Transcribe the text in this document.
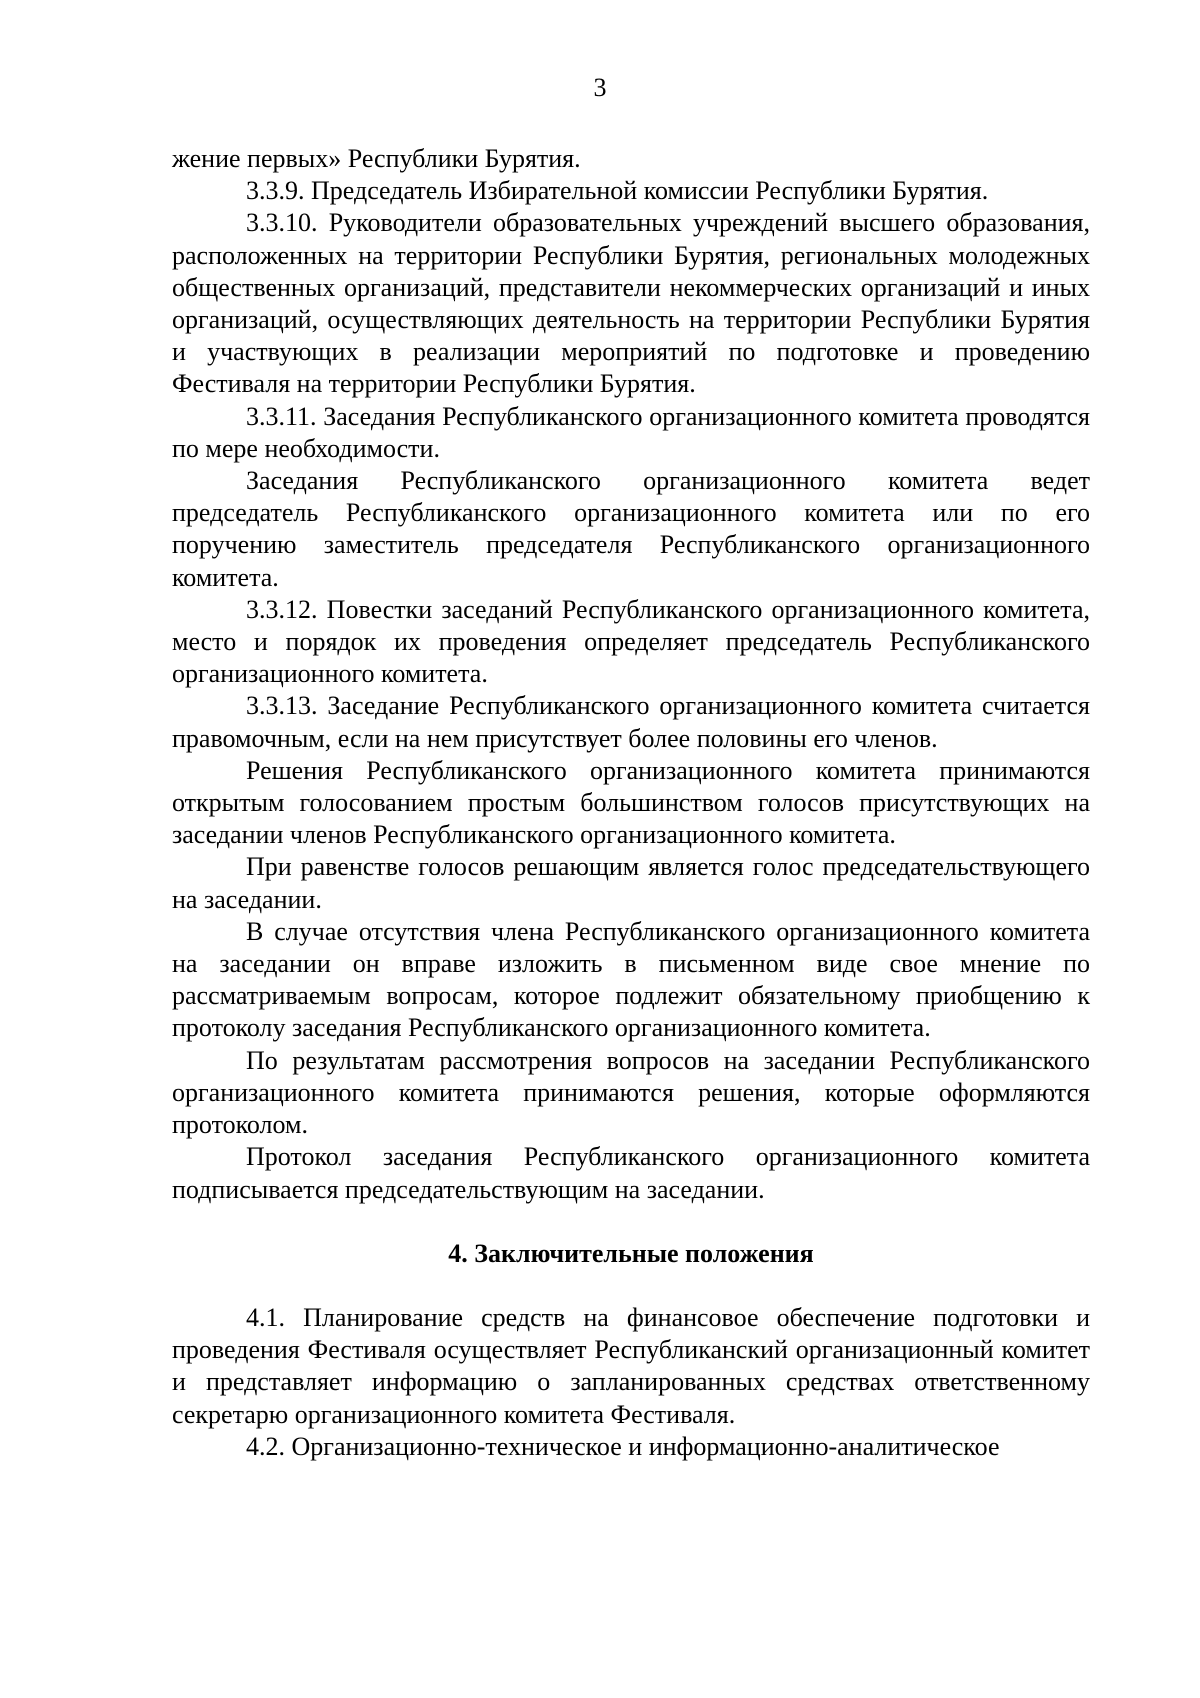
3

жение первых» Республики Бурятия.

3.3.9. Председатель Избирательной комиссии Республики Бурятия.

3.3.10. Руководители образовательных учреждений высшего образования, расположенных на территории Республики Бурятия, региональных молодежных общественных организаций, представители некоммерческих организаций и иных организаций, осуществляющих деятельность на территории Республики Бурятия и участвующих в реализации мероприятий по подготовке и проведению Фестиваля на территории Республики Бурятия.

3.3.11. Заседания Республиканского организационного комитета проводятся по мере необходимости.

Заседания Республиканского организационного комитета ведет председатель Республиканского организационного комитета или по его поручению заместитель председателя Республиканского организационного комитета.

3.3.12. Повестки заседаний Республиканского организационного комитета, место и порядок их проведения определяет председатель Республиканского организационного комитета.

3.3.13. Заседание Республиканского организационного комитета считается правомочным, если на нем присутствует более половины его членов.

Решения Республиканского организационного комитета принимаются открытым голосованием простым большинством голосов присутствующих на заседании членов Республиканского организационного комитета.

При равенстве голосов решающим является голос председательствующего на заседании.

В случае отсутствия члена Республиканского организационного комитета на заседании он вправе изложить в письменном виде свое мнение по рассматриваемым вопросам, которое подлежит обязательному приобщению к протоколу заседания Республиканского организационного комитета.

По результатам рассмотрения вопросов на заседании Республиканского организационного комитета принимаются решения, которые оформляются протоколом.

Протокол заседания Республиканского организационного комитета подписывается председательствующим на заседании.

4. Заключительные положения

4.1. Планирование средств на финансовое обеспечение подготовки и проведения Фестиваля осуществляет Республиканский организационный комитет и представляет информацию о запланированных средствах ответственному секретарю организационного комитета Фестиваля.

4.2. Организационно-техническое и информационно-аналитическое
